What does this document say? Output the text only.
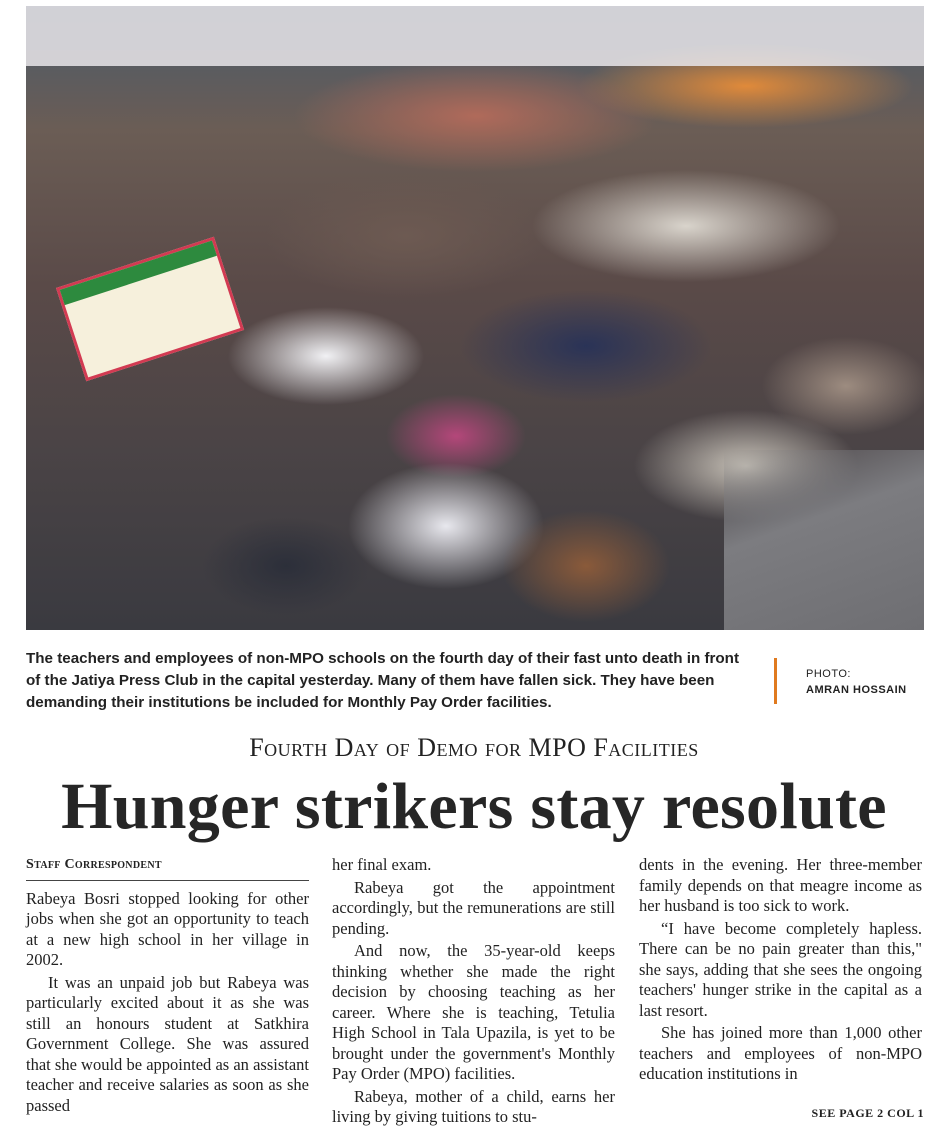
The teachers and employees of non-MPO schools on the fourth day of their fast unto death in front of the Jatiya Press Club in the capital yesterday. Many of them have fallen sick. They have been demanding their institutions be included for Monthly Pay Order facilities.
PHOTO:
AMRAN HOSSAIN
Fourth Day of Demo for MPO Facilities
Hunger strikers stay resolute
Staff Correspondent

Rabeya Bosri stopped looking for other jobs when she got an opportunity to teach at a new high school in her village in 2002.

It was an unpaid job but Rabeya was particularly excited about it as she was still an honours student at Satkhira Government College. She was assured that she would be appointed as an assistant teacher and receive salaries as soon as she passed

her final exam.

Rabeya got the appointment accordingly, but the remunerations are still pending.

And now, the 35-year-old keeps thinking whether she made the right decision by choosing teaching as her career. Where she is teaching, Tetulia High School in Tala Upazila, is yet to be brought under the government's Monthly Pay Order (MPO) facilities.

Rabeya, mother of a child, earns her living by giving tuitions to stu-

dents in the evening. Her three-member family depends on that meagre income as her husband is too sick to work.

“I have become completely hapless. There can be no pain greater than this," she says, adding that she sees the ongoing teachers' hunger strike in the capital as a last resort.

She has joined more than 1,000 other teachers and employees of non-MPO education institutions in

SEE PAGE 2 COL 1
